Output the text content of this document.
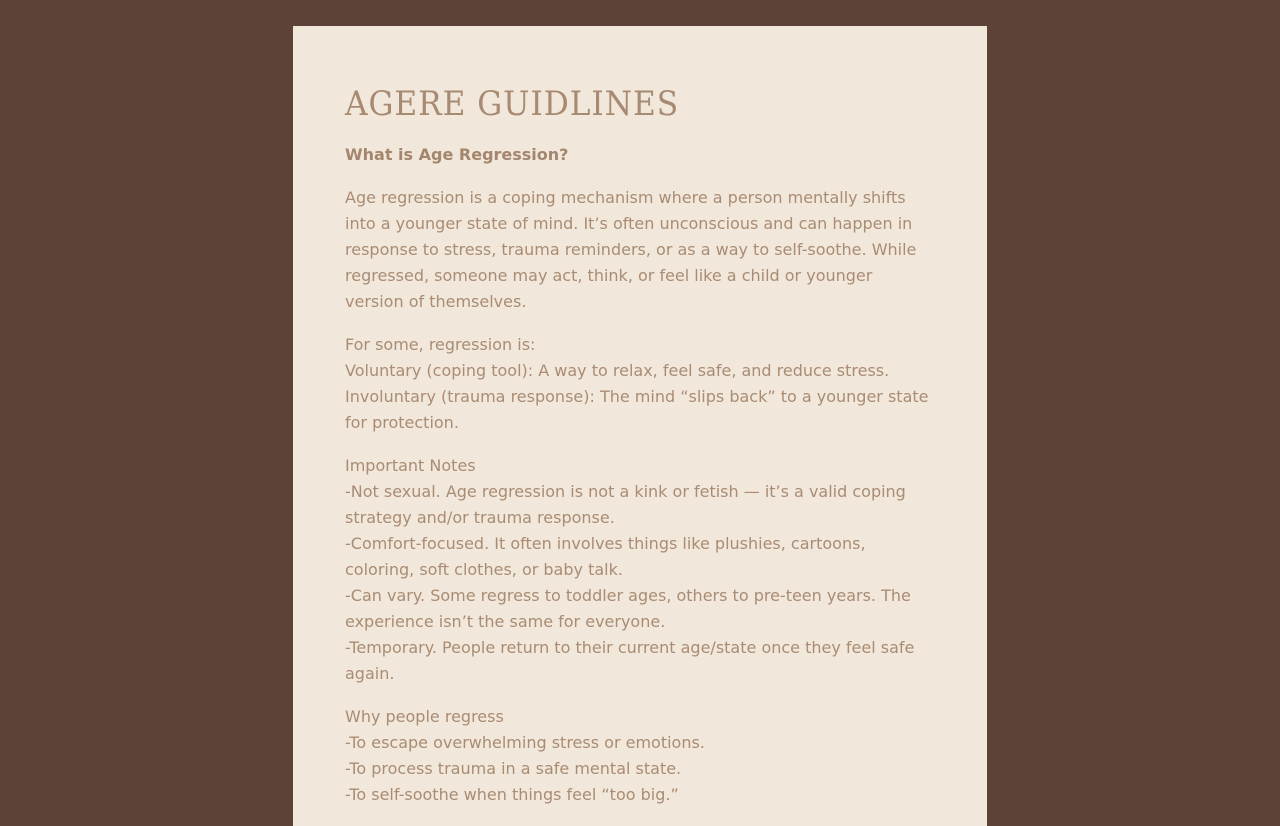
AGERE GUIDLINES
What is Age Regression?

Age regression is a coping mechanism where a person mentally shifts into a younger state of mind. It’s often unconscious and can happen in response to stress, trauma reminders, or as a way to self-soothe. While regressed, someone may act, think, or feel like a child or younger version of themselves.

For some, regression is:
Voluntary (coping tool): A way to relax, feel safe, and reduce stress.
Involuntary (trauma response): The mind “slips back” to a younger state for protection.
Important Notes
-Not sexual. Age regression is not a kink or fetish — it’s a valid coping strategy and/or trauma response.
-Comfort-focused. It often involves things like plushies, cartoons, coloring, soft clothes, or baby talk.
-Can vary. Some regress to toddler ages, others to pre-teen years. The experience isn’t the same for everyone.
-Temporary. People return to their current age/state once they feel safe again.
Why people regress
-To escape overwhelming stress or emotions.
-To process trauma in a safe mental state.
-To self-soothe when things feel “too big.”
